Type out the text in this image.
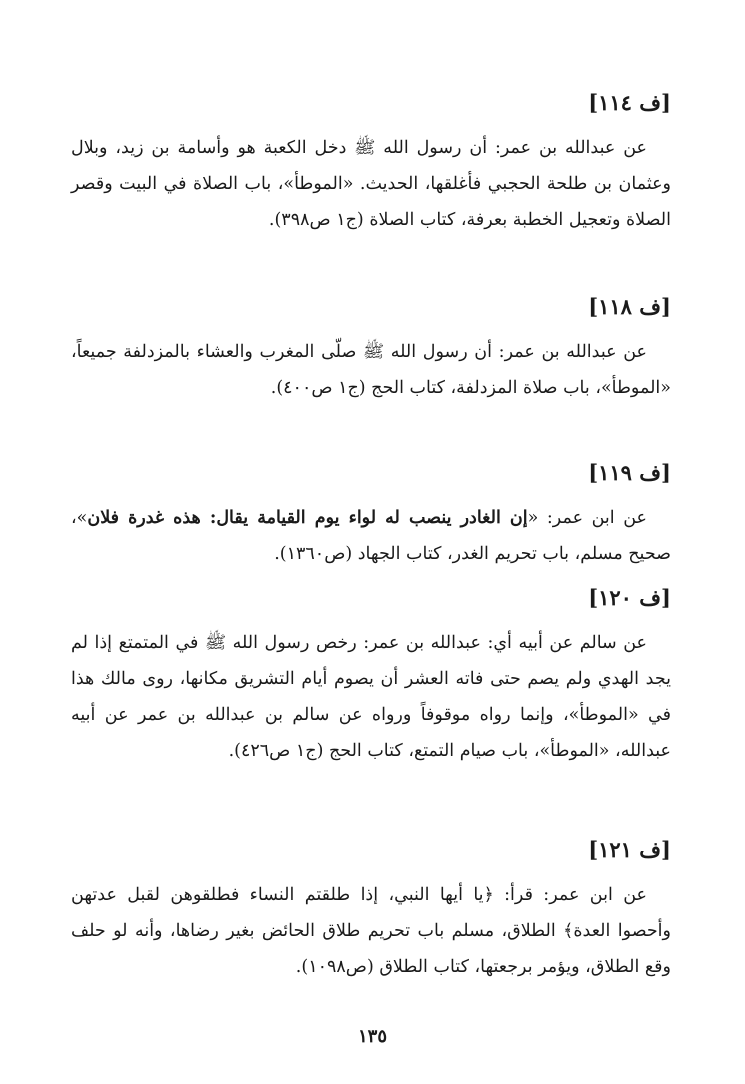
[ف ١١٤]

عن عبدالله بن عمر: أن رسول الله ﷺ دخل الكعبة هو وأسامة بن زيد، وبلال وعثمان بن طلحة الحجبي فأغلقها، الحديث. «الموطأ»، باب الصلاة في البيت وقصر الصلاة وتعجيل الخطبة بعرفة، كتاب الصلاة (ج١ ص٣٩٨).

[ف ١١٨]

عن عبدالله بن عمر: أن رسول الله ﷺ صلّى المغرب والعشاء بالمزدلفة جميعاً، «الموطأ»، باب صلاة المزدلفة، كتاب الحج (ج١ ص٤٠٠).

[ف ١١٩]

عن ابن عمر: «إن الغادر ينصب له لواء يوم القيامة يقال: هذه غدرة فلان»، صحيح مسلم، باب تحريم الغدر، كتاب الجهاد (ص١٣٦٠).

[ف ١٢٠]

عن سالم عن أبيه أي: عبدالله بن عمر: رخص رسول الله ﷺ في المتمتع إذا لم يجد الهدي ولم يصم حتى فاته العشر أن يصوم أيام التشريق مكانها، روى مالك هذا في «الموطأ»، وإنما رواه موقوفاً ورواه عن سالم بن عبدالله بن عمر عن أبيه عبدالله، «الموطأ»، باب صيام التمتع، كتاب الحج (ج١ ص٤٢٦).

[ف ١٢١]

عن ابن عمر: قرأ: ﴿يا أيها النبي، إذا طلقتم النساء فطلقوهن لقبل عدتهن وأحصوا العدة﴾ الطلاق، مسلم باب تحريم طلاق الحائض بغير رضاها، وأنه لو حلف وقع الطلاق، ويؤمر برجعتها، كتاب الطلاق (ص١٠٩٨).

١٣٥
